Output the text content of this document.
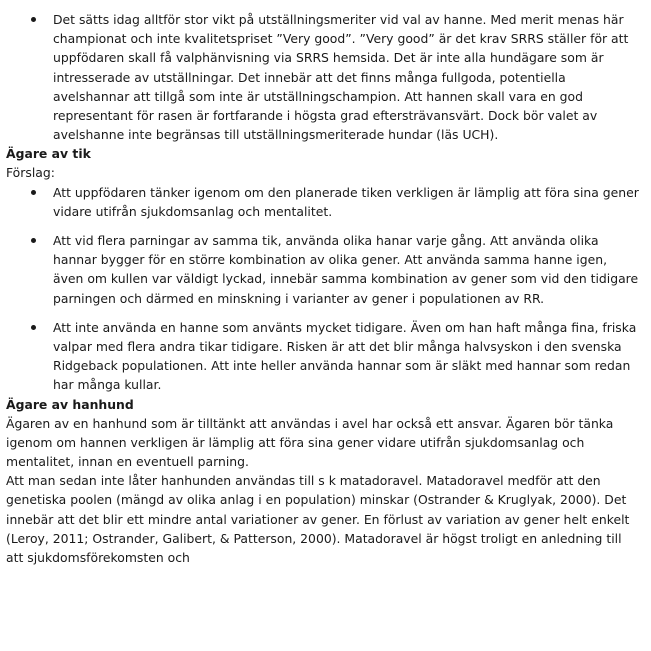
Det sätts idag alltför stor vikt på utställningsmeriter vid val av hanne. Med merit menas här championat och inte kvalitetspriset ”Very good”. ”Very good” är det krav SRRS ställer för att uppfödaren skall få valphänvisning via SRRS hemsida. Det är inte alla hundägare som är intresserade av utställningar. Det innebär att det finns många fullgoda, potentiella avelshannar att tillgå som inte är utställningschampion. Att hannen skall vara en god representant för rasen är fortfarande i högsta grad eftersträvansvärt. Dock bör valet av avelshanne inte begränsas till utställningsmeriterade hundar (läs UCH).
Ägare av tik

Förslag:

Att uppfödaren tänker igenom om den planerade tiken verkligen är lämplig att föra sina gener vidare utifrån sjukdomsanlag och mentalitet.
Att vid flera parningar av samma tik, använda olika hanar varje gång. Att använda olika hannar bygger för en större kombination av olika gener. Att använda samma hanne igen, även om kullen var väldigt lyckad, innebär samma kombination av gener som vid den tidigare parningen och därmed en minskning i varianter av gener i populationen av RR.
Att inte använda en hanne som använts mycket tidigare. Även om han haft många fina, friska valpar med flera andra tikar tidigare. Risken är att det blir många halvsyskon i den svenska Ridgeback populationen. Att inte heller använda hannar som är släkt med hannar som redan har många kullar.
Ägare av hanhund

Ägaren av en hanhund som är tilltänkt att användas i avel har också ett ansvar. Ägaren bör tänka igenom om hannen verkligen är lämplig att föra sina gener vidare utifrån sjukdomsanlag och mentalitet, innan en eventuell parning.

Att man sedan inte låter hanhunden användas till s k matadoravel. Matadoravel medför att den genetiska poolen (mängd av olika anlag i en population) minskar (Ostrander & Kruglyak, 2000). Det innebär att det blir ett mindre antal variationer av gener. En förlust av variation av gener helt enkelt (Leroy, 2011; Ostrander, Galibert, & Patterson, 2000). Matadoravel är högst troligt en anledning till att sjukdomsförekomsten och
